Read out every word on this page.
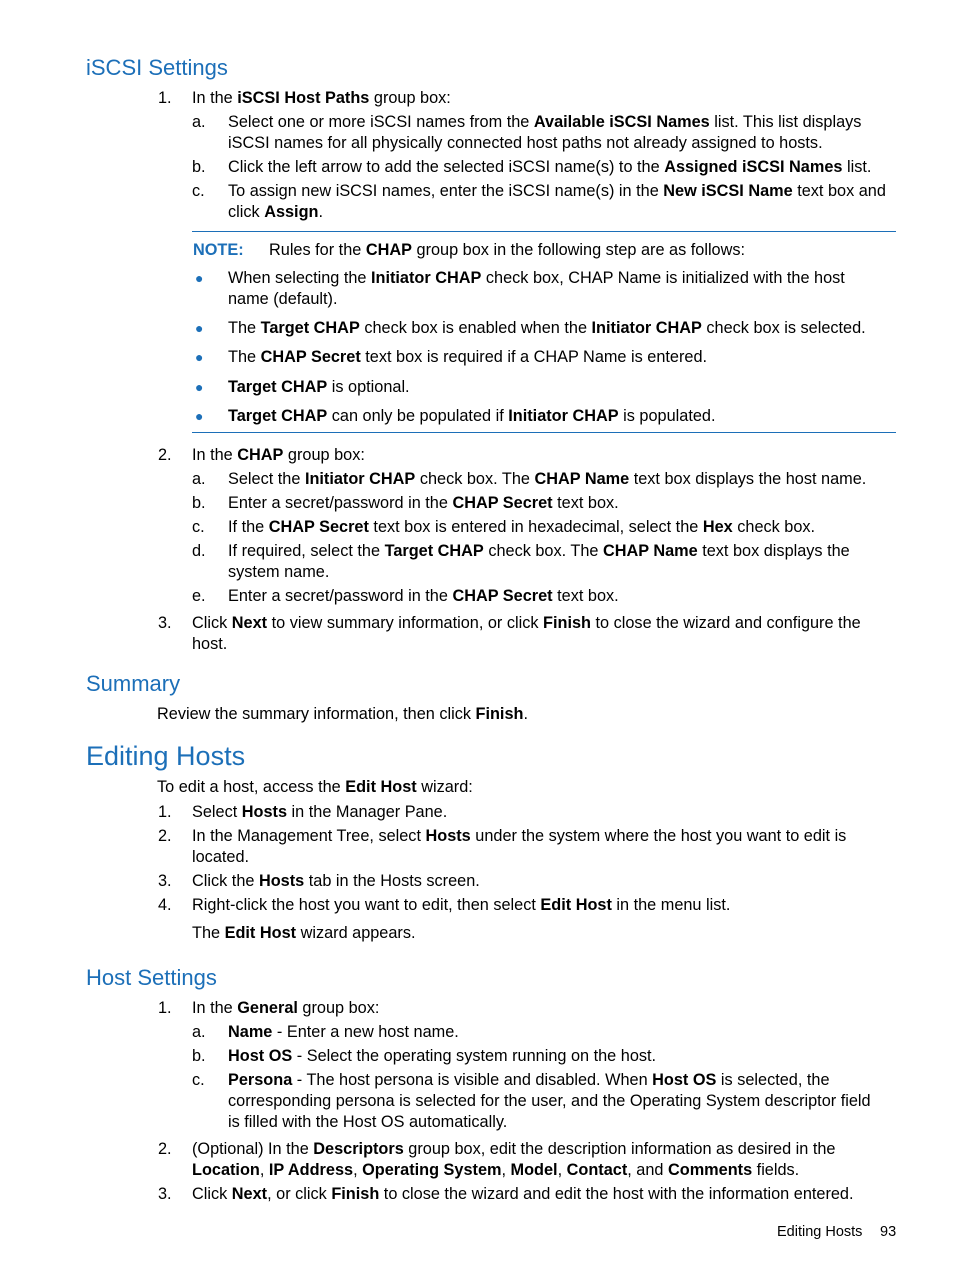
iSCSI Settings
1. In the iSCSI Host Paths group box:
a. Select one or more iSCSI names from the Available iSCSI Names list. This list displays
iSCSI names for all physically connected host paths not already assigned to hosts.
b. Click the left arrow to add the selected iSCSI name(s) to the Assigned iSCSI Names list.
c. To assign new iSCSI names, enter the iSCSI name(s) in the New iSCSI Name text box and
click Assign.
NOTE: Rules for the CHAP group box in the following step are as follows:
● When selecting the Initiator CHAP check box, CHAP Name is initialized with the host
name (default).
● The Target CHAP check box is enabled when the Initiator CHAP check box is selected.
● The CHAP Secret text box is required if a CHAP Name is entered.
● Target CHAP is optional.
● Target CHAP can only be populated if Initiator CHAP is populated.
2. In the CHAP group box:
a. Select the Initiator CHAP check box. The CHAP Name text box displays the host name.
b. Enter a secret/password in the CHAP Secret text box.
c. If the CHAP Secret text box is entered in hexadecimal, select the Hex check box.
d. If required, select the Target CHAP check box. The CHAP Name text box displays the
system name.
e. Enter a secret/password in the CHAP Secret text box.
3. Click Next to view summary information, or click Finish to close the wizard and configure the
host.
Summary
Review the summary information, then click Finish.
Editing Hosts
To edit a host, access the Edit Host wizard:
1. Select Hosts in the Manager Pane.
2. In the Management Tree, select Hosts under the system where the host you want to edit is
located.
3. Click the Hosts tab in the Hosts screen.
4. Right-click the host you want to edit, then select Edit Host in the menu list.
The Edit Host wizard appears.
Host Settings
1. In the General group box:
a. Name - Enter a new host name.
b. Host OS - Select the operating system running on the host.
c. Persona - The host persona is visible and disabled. When Host OS is selected, the
corresponding persona is selected for the user, and the Operating System descriptor field
is filled with the Host OS automatically.
2. (Optional) In the Descriptors group box, edit the description information as desired in the
Location, IP Address, Operating System, Model, Contact, and Comments fields.
3. Click Next, or click Finish to close the wizard and edit the host with the information entered.
Editing Hosts 93
